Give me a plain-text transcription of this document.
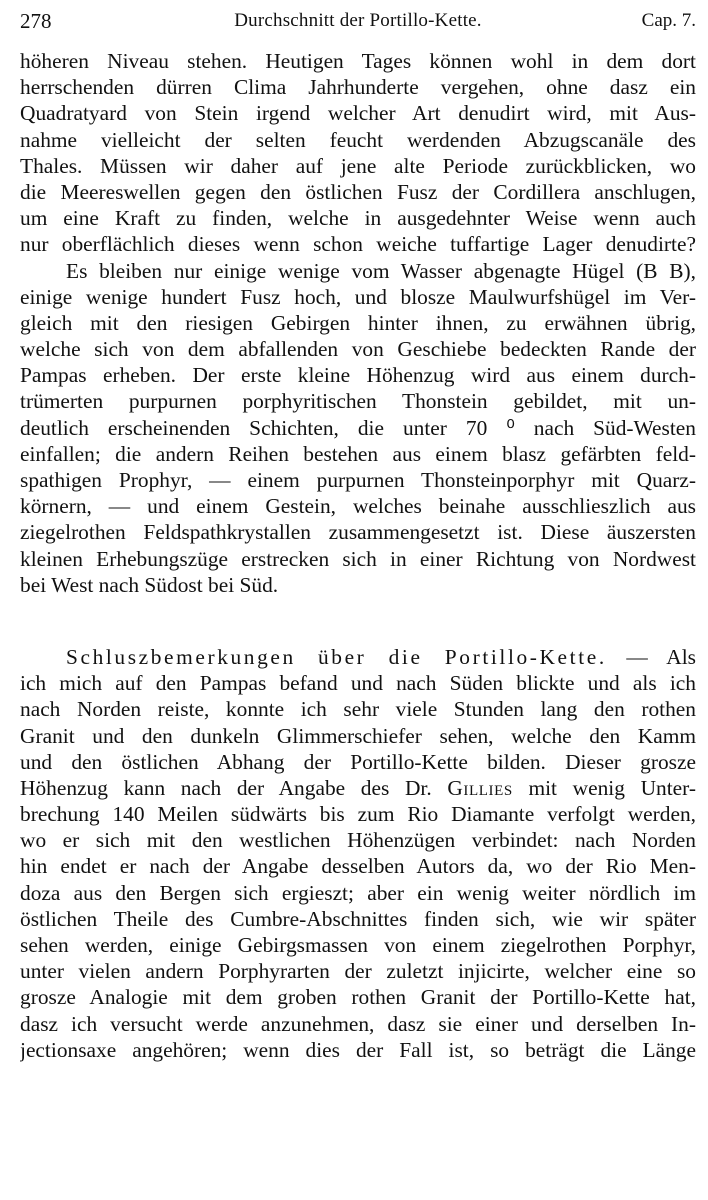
278	Durchschnitt der Portillo-Kette.	Cap. 7.
höheren Niveau stehen. Heutigen Tages können wohl in dem dort
herrschenden dürren Clima Jahrhunderte vergehen, ohne dasz ein
Quadratyard von Stein irgend welcher Art denudirt wird, mit Aus-
nahme vielleicht der selten feucht werdenden Abzugscanäle des
Thales. Müssen wir daher auf jene alte Periode zurückblicken, wo
die Meereswellen gegen den östlichen Fusz der Cordillera anschlugen,
um eine Kraft zu finden, welche in ausgedehnter Weise wenn auch
nur oberflächlich dieses wenn schon weiche tuffartige Lager denudirte?
Es bleiben nur einige wenige vom Wasser abgenagte Hügel (B B),
einige wenige hundert Fusz hoch, und blosze Maulwurfshügel im Ver-
gleich mit den riesigen Gebirgen hinter ihnen, zu erwähnen übrig,
welche sich von dem abfallenden von Geschiebe bedeckten Rande der
Pampas erheben. Der erste kleine Höhenzug wird aus einem durch-
trümerten purpurnen porphyritischen Thonstein gebildet, mit un-
deutlich erscheinenden Schichten, die unter 70 ⁰ nach Süd-Westen
einfallen; die andern Reihen bestehen aus einem blasz gefärbten feld-
spathigen Prophyr, — einem purpurnen Thonsteinporphyr mit Quarz-
körnern, — und einem Gestein, welches beinahe ausschlieszlich aus
ziegelrothen Feldspathkrystallen zusammengesetzt ist. Diese äuszersten
kleinen Erhebungszüge erstrecken sich in einer Richtung von Nordwest
bei West nach Südost bei Süd.
Schluszbemerkungen über die Portillo-Kette. — Als
ich mich auf den Pampas befand und nach Süden blickte und als ich
nach Norden reiste, konnte ich sehr viele Stunden lang den rothen
Granit und den dunkeln Glimmerschiefer sehen, welche den Kamm
und den östlichen Abhang der Portillo-Kette bilden. Dieser grosze
Höhenzug kann nach der Angabe des Dr. Gillies mit wenig Unter-
brechung 140 Meilen südwärts bis zum Rio Diamante verfolgt werden,
wo er sich mit den westlichen Höhenzügen verbindet: nach Norden
hin endet er nach der Angabe desselben Autors da, wo der Rio Men-
doza aus den Bergen sich ergieszt; aber ein wenig weiter nördlich im
östlichen Theile des Cumbre-Abschnittes finden sich, wie wir später
sehen werden, einige Gebirgsmassen von einem ziegelrothen Porphyr,
unter vielen andern Porphyrarten der zuletzt injicirte, welcher eine so
grosze Analogie mit dem groben rothen Granit der Portillo-Kette hat,
dasz ich versucht werde anzunehmen, dasz sie einer und derselben In-
jectionsaxe angehören; wenn dies der Fall ist, so beträgt die Länge
